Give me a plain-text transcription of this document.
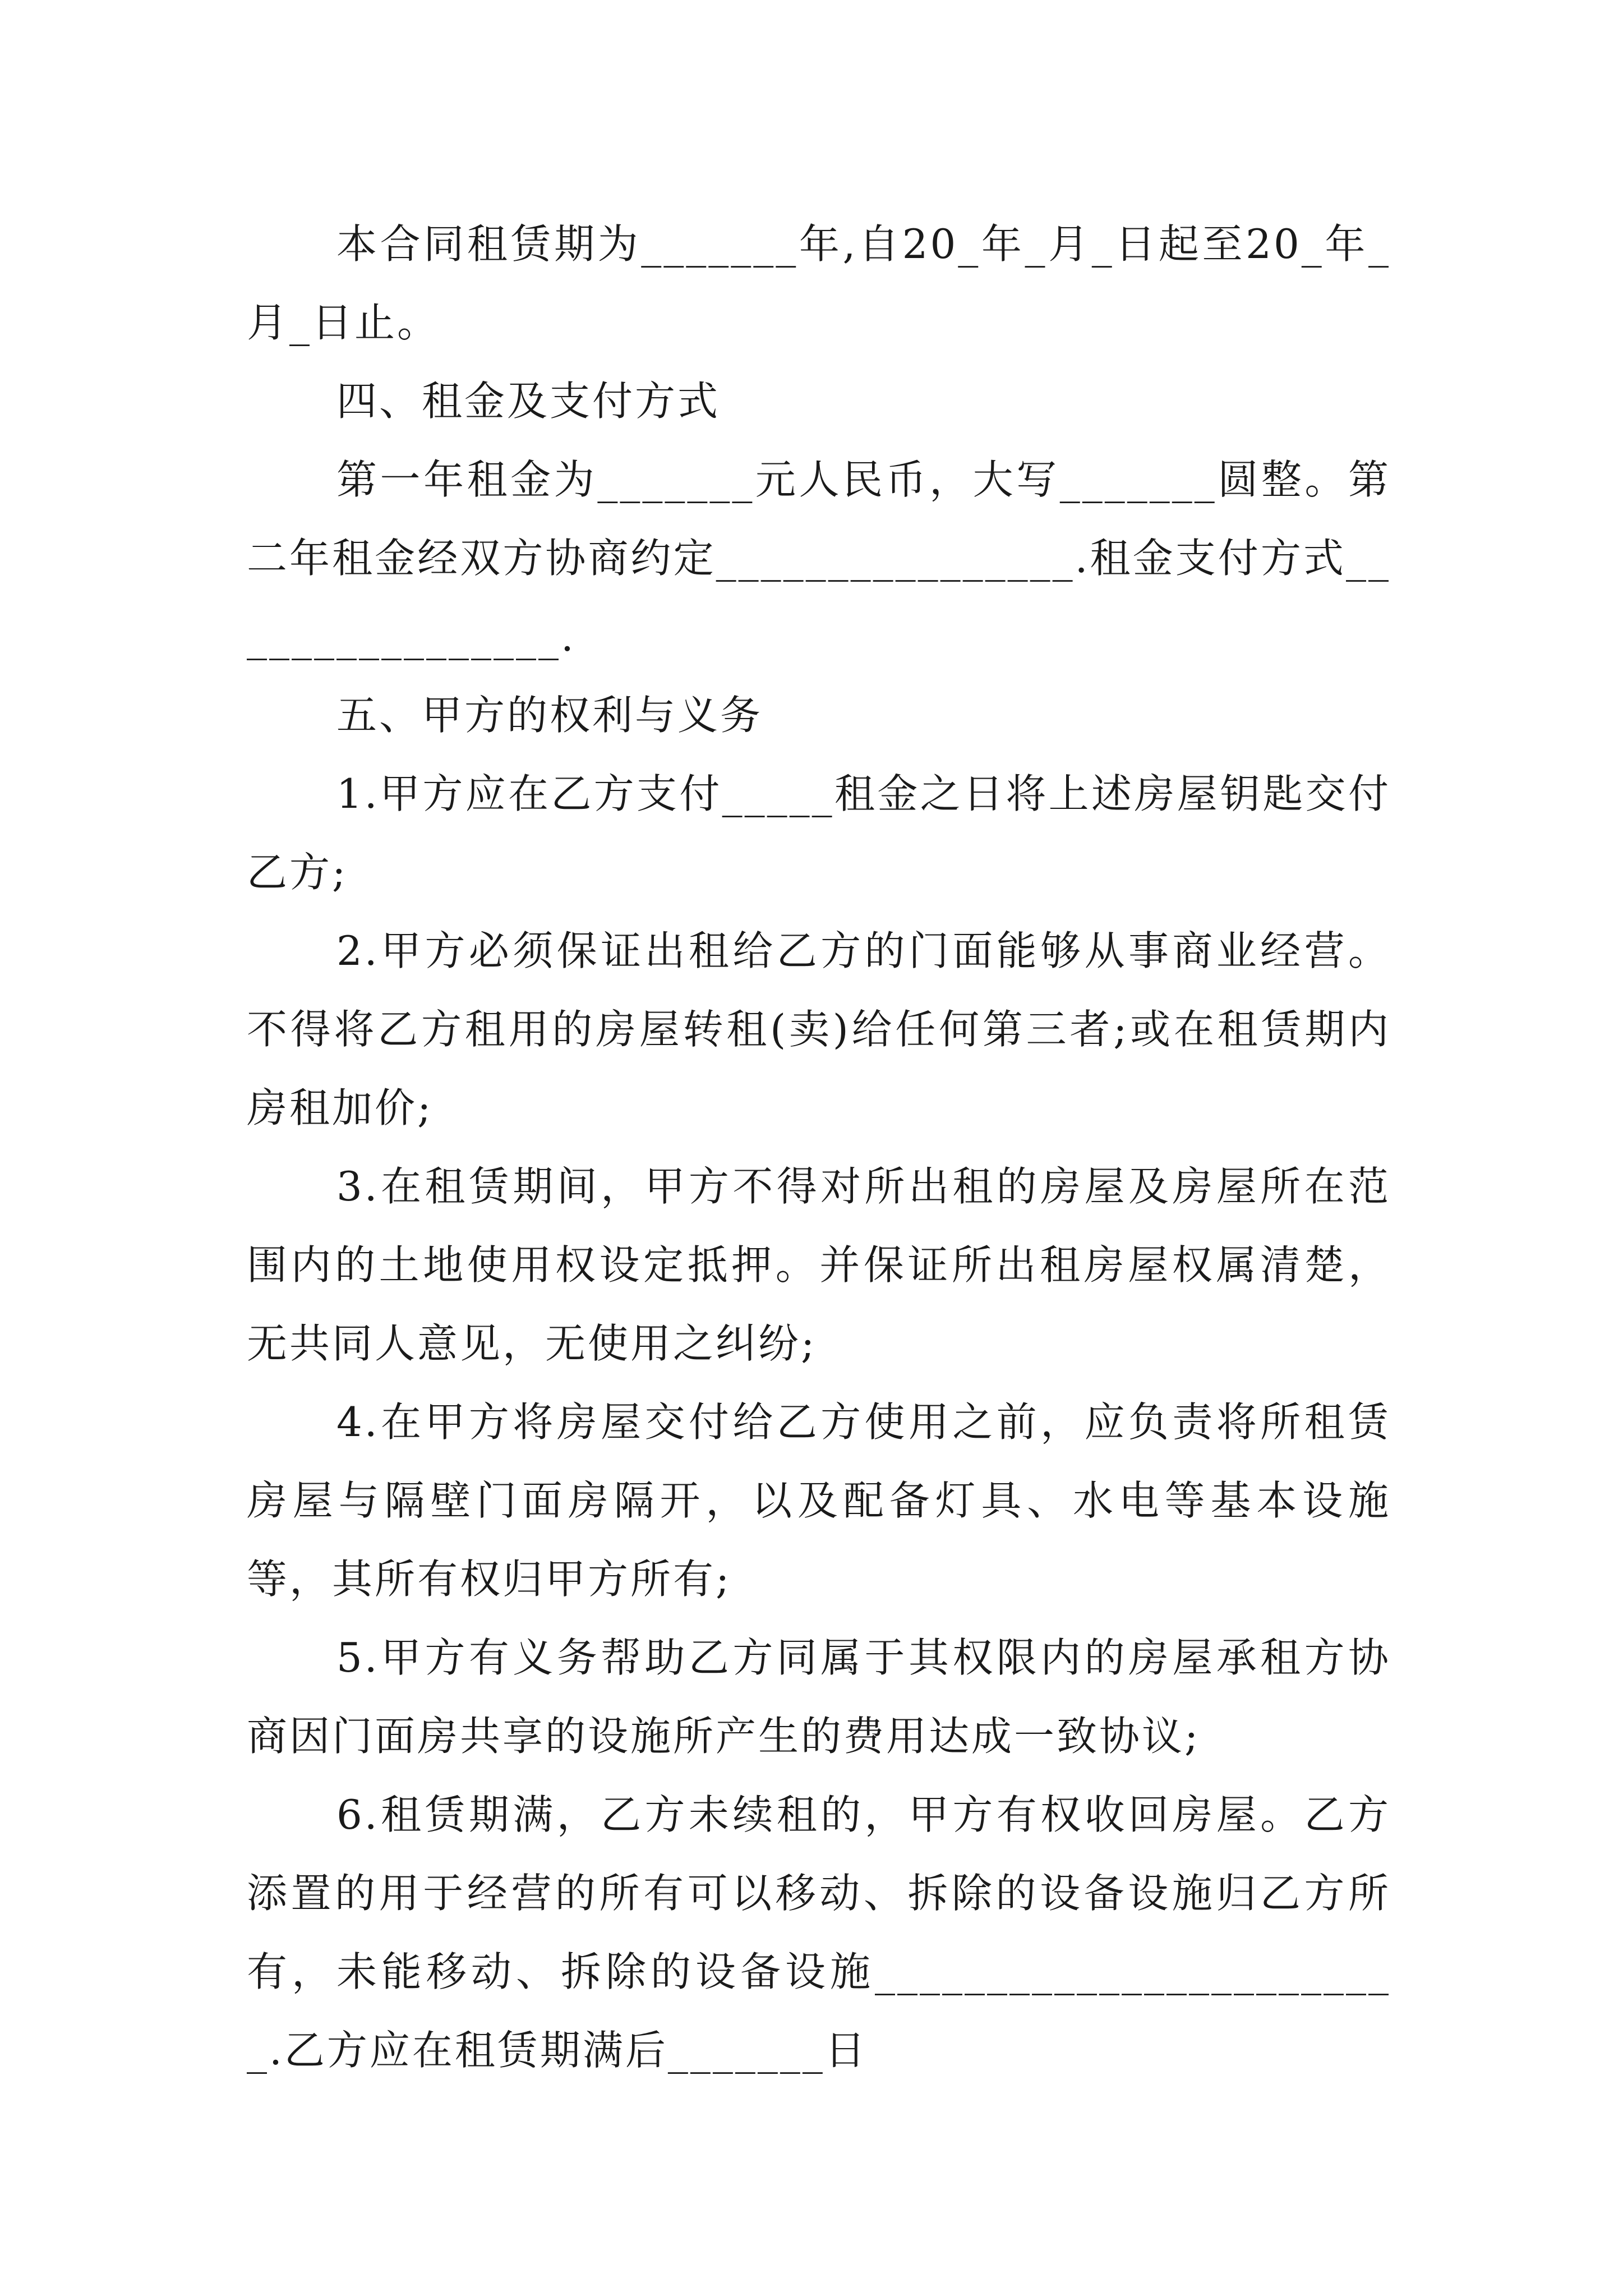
本合同租赁期为_______年,自20_年_月_日起至20_年_月_日止。

四、租金及支付方式

第一年租金为_______元人民币，大写_______圆整。第二年租金经双方协商约定________________.租金支付方式________________.

五、甲方的权利与义务

1.甲方应在乙方支付_____租金之日将上述房屋钥匙交付乙方;

2.甲方必须保证出租给乙方的门面能够从事商业经营。不得将乙方租用的房屋转租(卖)给任何第三者;或在租赁期内房租加价;

3.在租赁期间，甲方不得对所出租的房屋及房屋所在范围内的土地使用权设定抵押。并保证所出租房屋权属清楚，无共同人意见，无使用之纠纷;

4.在甲方将房屋交付给乙方使用之前，应负责将所租赁房屋与隔壁门面房隔开，以及配备灯具、水电等基本设施等，其所有权归甲方所有;

5.甲方有义务帮助乙方同属于其权限内的房屋承租方协商因门面房共享的设施所产生的费用达成一致协议;

6.租赁期满，乙方未续租的，甲方有权收回房屋。乙方添置的用于经营的所有可以移动、拆除的设备设施归乙方所有，未能移动、拆除的设备设施________________________.乙方应在租赁期满后_______日
